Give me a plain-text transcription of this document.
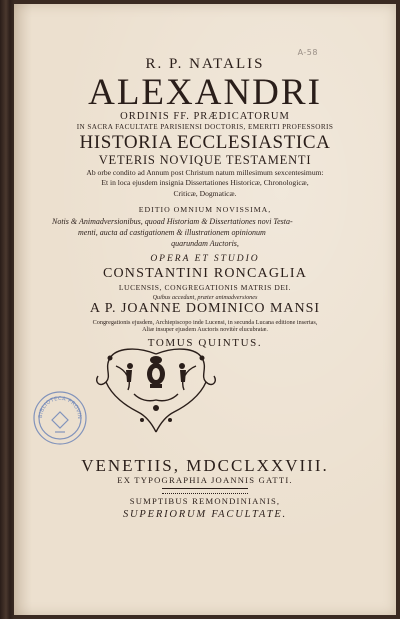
A-58
R. P. NATALIS
ALEXANDRI
ORDINIS FF. PRÆDICATORUM
IN SACRA FACULTATE PARISIENSI DOCTORIS, EMERITI PROFESSORIS
HISTORIA ECCLESIASTICA
VETERIS NOVIQUE TESTAMENTI
Ab orbe condito ad Annum post Christum natum millesimum sexcentesimum:
Et in loca ejusdem insignia Dissertationes Historicæ, Chronologicæ,
Criticæ, Dogmaticæ.
EDITIO OMNIUM NOVISSIMA,
Notis & Animadversionibus, quoad Historiam & Dissertationes novi Testa-
menti, aucta ad castigationem & illustrationem opinionum
quarundam Auctoris,
OPERA ET STUDIO
CONSTANTINI RONCAGLIA
LUCENSIS, CONGREGATIONIS MATRIS DEI.
Quibus accedunt, præter animadversiones
A P. JOANNE DOMINICO MANSI
Congregationis ejusdem, Archiepiscopo inde Lucensi, in secunda Lucana editione insertas,
Aliæ insuper ejusdem Auctoris novitèr elucubratæ.
TOMUS QUINTUS.
BIBLIOTECA PROVIN
VENETIIS, MDCCLXXVIII.
EX TYPOGRAPHIA JOANNIS GATTI.
SUMPTIBUS REMONDINIANIS,
SUPERIORUM FACULTATE.
